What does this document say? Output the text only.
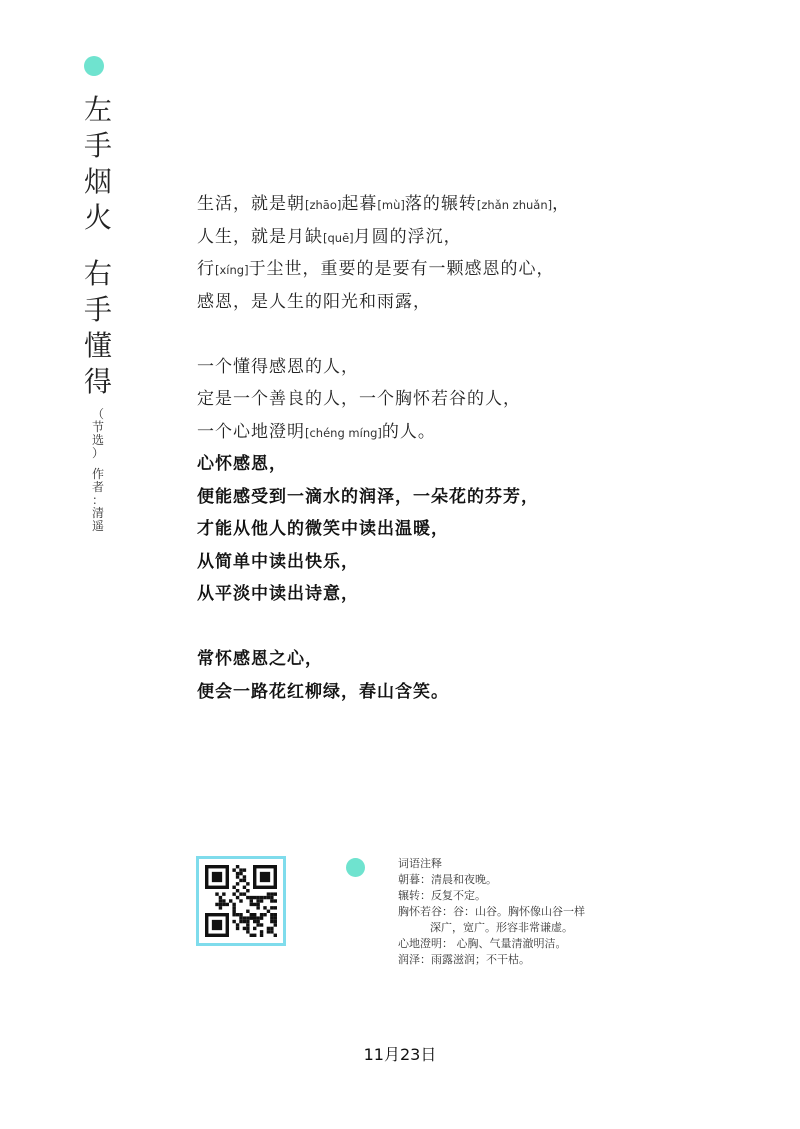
左
手
烟
火
右
手
懂
得
（
节
选
）
作
者
：
清
遥
生活，就是朝[zhāo]起暮[mù]落的辗转[zhǎn zhuǎn]，
人生，就是月缺[quē]月圆的浮沉，
行[xíng]于尘世，重要的是要有一颗感恩的心，
感恩，是人生的阳光和雨露，
一个懂得感恩的人，
定是一个善良的人，一个胸怀若谷的人，
一个心地澄明[chéng míng]的人。
心怀感恩，
便能感受到一滴水的润泽，一朵花的芬芳，
才能从他人的微笑中读出温暖，
从简单中读出快乐，
从平淡中读出诗意，
常怀感恩之心，
便会一路花红柳绿，春山含笑。
词语注释
朝暮：清晨和夜晚。
辗转：反复不定。
胸怀若谷：谷：山谷。胸怀像山谷一样
深广，宽广。形容非常谦虚。
心地澄明： 心胸、气量清澈明洁。
润泽：雨露滋润；不干枯。
11月23日
